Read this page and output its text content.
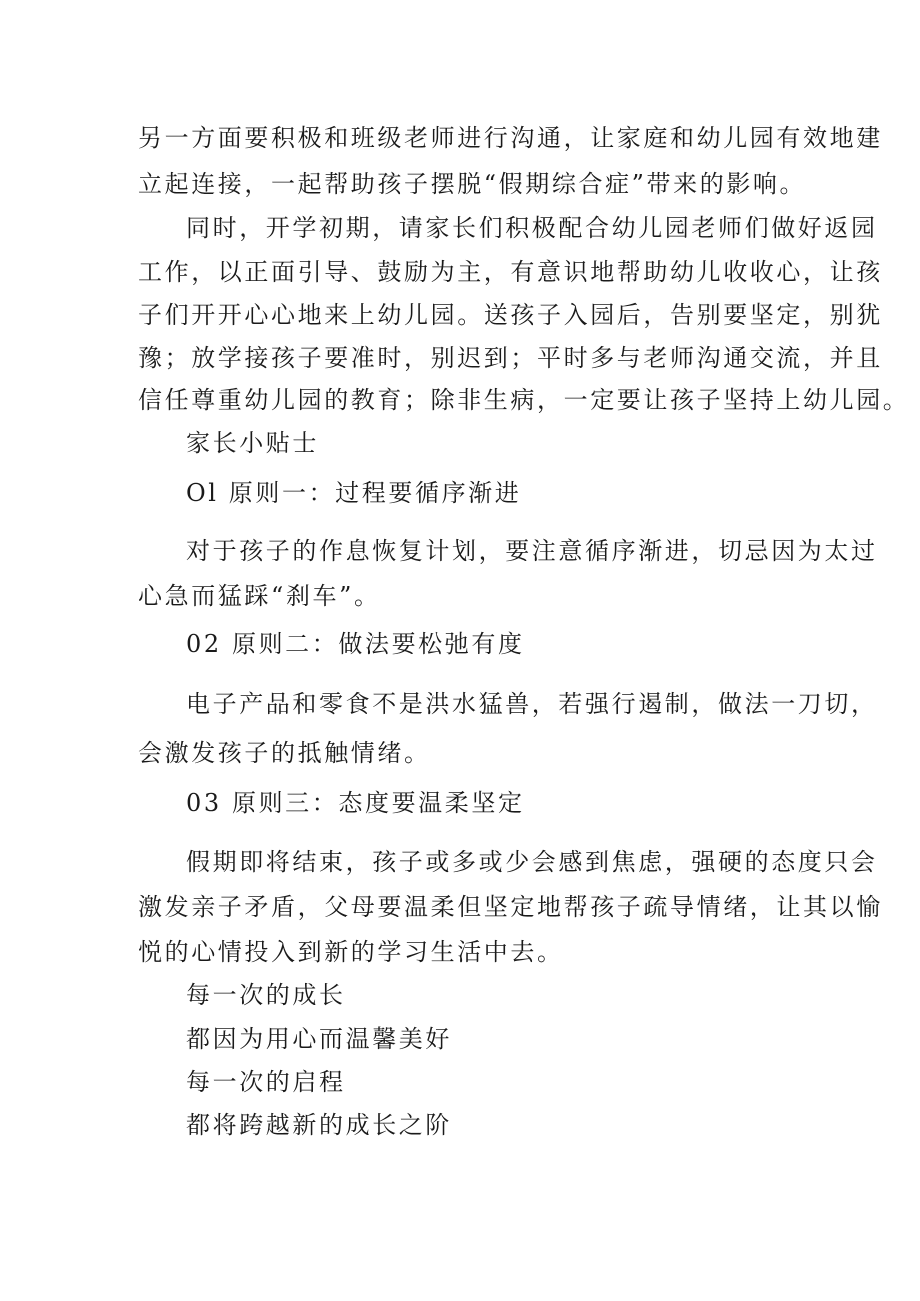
另一方面要积极和班级老师进行沟通，让家庭和幼儿园有效地建
立起连接，一起帮助孩子摆脱“假期综合症”带来的影响。
同时，开学初期，请家长们积极配合幼儿园老师们做好返园
工作，以正面引导、鼓励为主，有意识地帮助幼儿收收心，让孩
子们开开心心地来上幼儿园。送孩子入园后，告别要坚定，别犹
豫；放学接孩子要准时，别迟到；平时多与老师沟通交流，并且
信任尊重幼儿园的教育；除非生病，一定要让孩子坚持上幼儿园。
家长小贴士
Ol 原则一：过程要循序渐进
对于孩子的作息恢复计划，要注意循序渐进，切忌因为太过
心急而猛踩“刹车”。
02 原则二：做法要松弛有度
电子产品和零食不是洪水猛兽，若强行遏制，做法一刀切，
会激发孩子的抵触情绪。
03 原则三：态度要温柔坚定
假期即将结束，孩子或多或少会感到焦虑，强硬的态度只会
激发亲子矛盾，父母要温柔但坚定地帮孩子疏导情绪，让其以愉
悦的心情投入到新的学习生活中去。
每一次的成长
都因为用心而温馨美好
每一次的启程
都将跨越新的成长之阶
